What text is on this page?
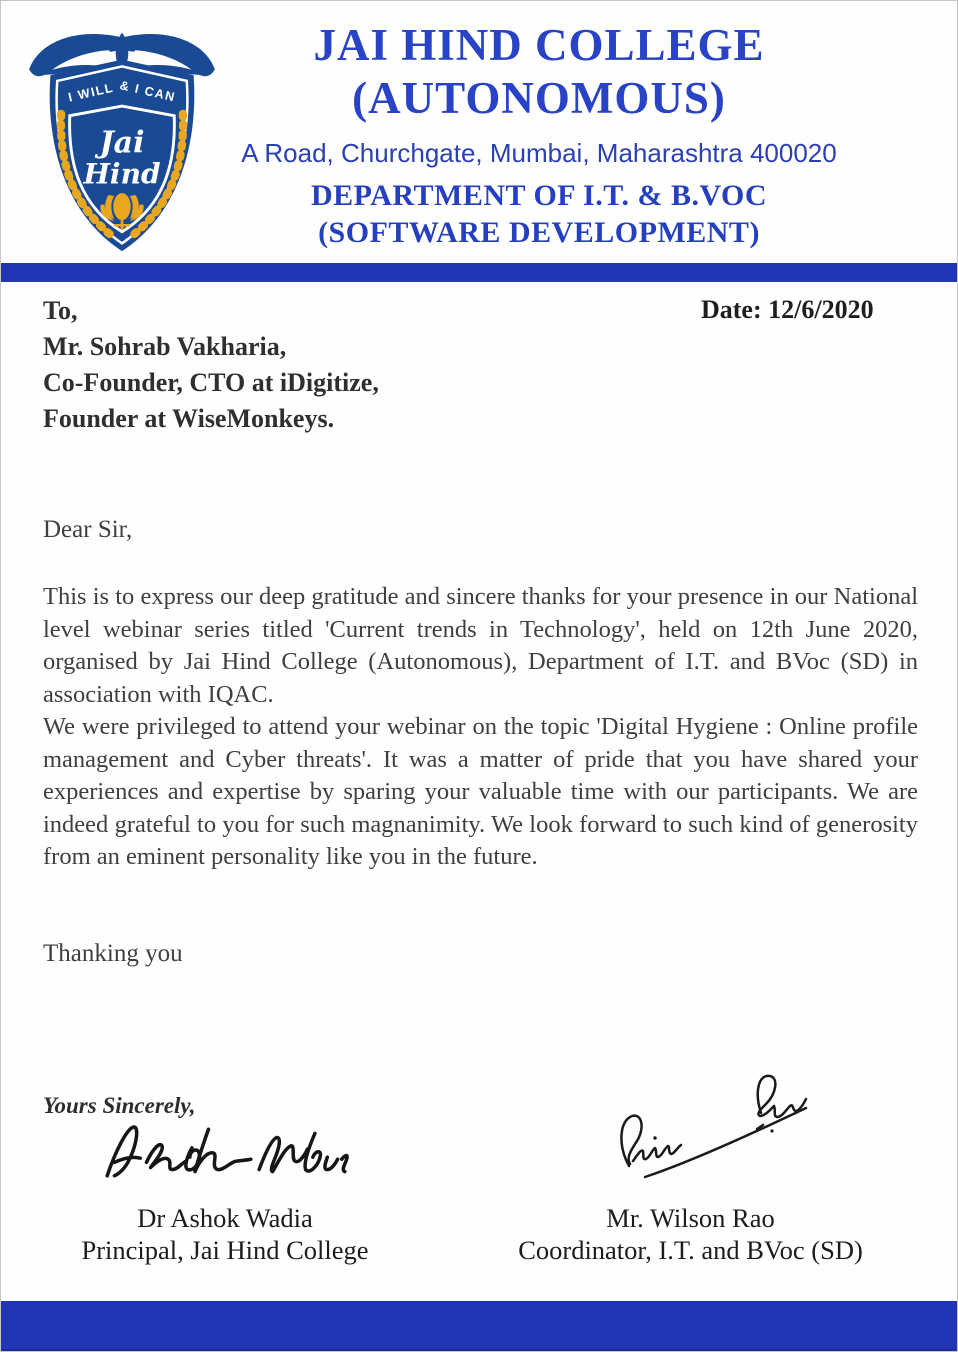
I WILL & I CAN
Jai
Hind
JAI HIND COLLEGE
(AUTONOMOUS)
A Road, Churchgate, Mumbai, Maharashtra 400020
DEPARTMENT OF I.T. & B.VOC
(SOFTWARE DEVELOPMENT)
Date: 12/6/2020
To,
Mr. Sohrab Vakharia,
Co-Founder, CTO at iDigitize,
Founder at WiseMonkeys.
Dear Sir,

This is to express our deep gratitude and sincere thanks for your presence in our National level webinar series titled 'Current trends in Technology', held on 12th June 2020, organised by Jai Hind College (Autonomous), Department of I.T. and BVoc (SD) in association with IQAC.

We were privileged to attend your webinar on the topic 'Digital Hygiene : Online profile management and Cyber threats'. It was a matter of pride that you have shared your experiences and expertise by sparing your valuable time with our participants. We are indeed grateful to you for such magnanimity. We look forward to such kind of generosity from an eminent personality like you in the future.

Thanking you
Yours Sincerely,
Dr Ashok Wadia
Principal, Jai Hind College
Mr. Wilson Rao
Coordinator, I.T. and BVoc (SD)
